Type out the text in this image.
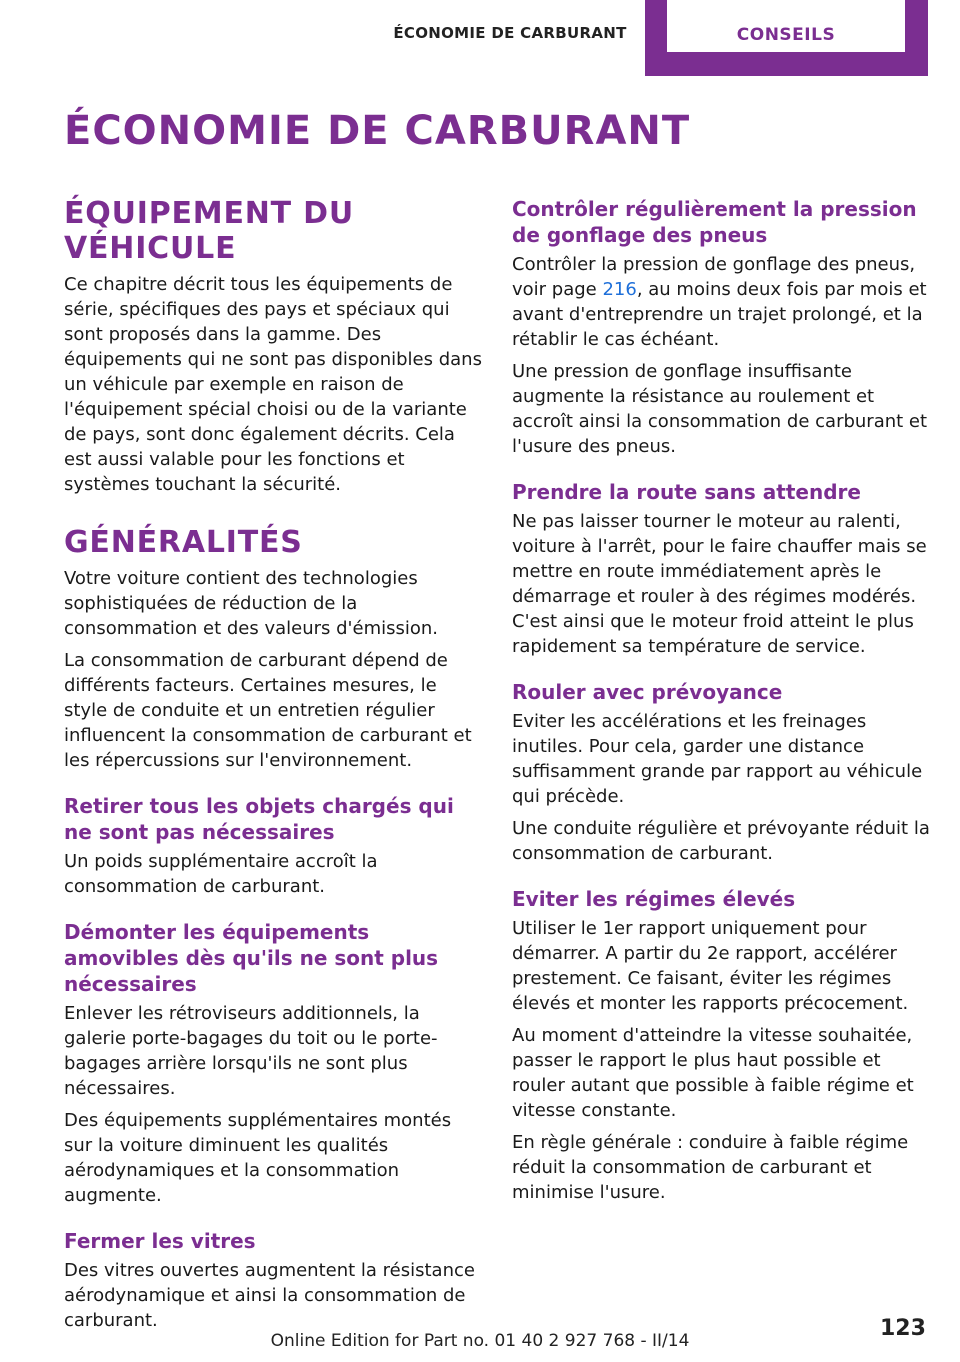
ÉCONOMIE DE CARBURANT	CONSEILS
ÉCONOMIE DE CARBURANT
ÉQUIPEMENT DU VÉHICULE

Ce chapitre décrit tous les équipements de série, spécifiques des pays et spéciaux qui sont proposés dans la gamme. Des équipements qui ne sont pas disponibles dans un véhicule par exemple en raison de l'équipement spécial choisi ou de la variante de pays, sont donc également décrits. Cela est aussi valable pour les fonctions et systèmes touchant la sécurité.

GÉNÉRALITÉS

Votre voiture contient des technologies sophistiquées de réduction de la consommation et des valeurs d'émission.

La consommation de carburant dépend de différents facteurs. Certaines mesures, le style de conduite et un entretien régulier influencent la consommation de carburant et les répercussions sur l'environnement.

Retirer tous les objets chargés qui ne sont pas nécessaires

Un poids supplémentaire accroît la consommation de carburant.

Démonter les équipements amovibles dès qu'ils ne sont plus nécessaires

Enlever les rétroviseurs additionnels, la galerie porte-bagages du toit ou le porte-bagages arrière lorsqu'ils ne sont plus nécessaires.

Des équipements supplémentaires montés sur la voiture diminuent les qualités aérodynamiques et la consommation augmente.

Fermer les vitres

Des vitres ouvertes augmentent la résistance aérodynamique et ainsi la consommation de carburant.

Contrôler régulièrement la pression de gonflage des pneus

Contrôler la pression de gonflage des pneus, voir page 216, au moins deux fois par mois et avant d'entreprendre un trajet prolongé, et la rétablir le cas échéant.

Une pression de gonflage insuffisante augmente la résistance au roulement et accroît ainsi la consommation de carburant et l'usure des pneus.

Prendre la route sans attendre

Ne pas laisser tourner le moteur au ralenti, voiture à l'arrêt, pour le faire chauffer mais se mettre en route immédiatement après le démarrage et rouler à des régimes modérés. C'est ainsi que le moteur froid atteint le plus rapidement sa température de service.

Rouler avec prévoyance

Eviter les accélérations et les freinages inutiles. Pour cela, garder une distance suffisamment grande par rapport au véhicule qui précède.

Une conduite régulière et prévoyante réduit la consommation de carburant.

Eviter les régimes élevés

Utiliser le 1er rapport uniquement pour démarrer. A partir du 2e rapport, accélérer prestement. Ce faisant, éviter les régimes élevés et monter les rapports précocement.

Au moment d'atteindre la vitesse souhaitée, passer le rapport le plus haut possible et rouler autant que possible à faible régime et vitesse constante.

En règle générale : conduire à faible régime réduit la consommation de carburant et minimise l'usure.

123
Online Edition for Part no. 01 40 2 927 768 - II/14
